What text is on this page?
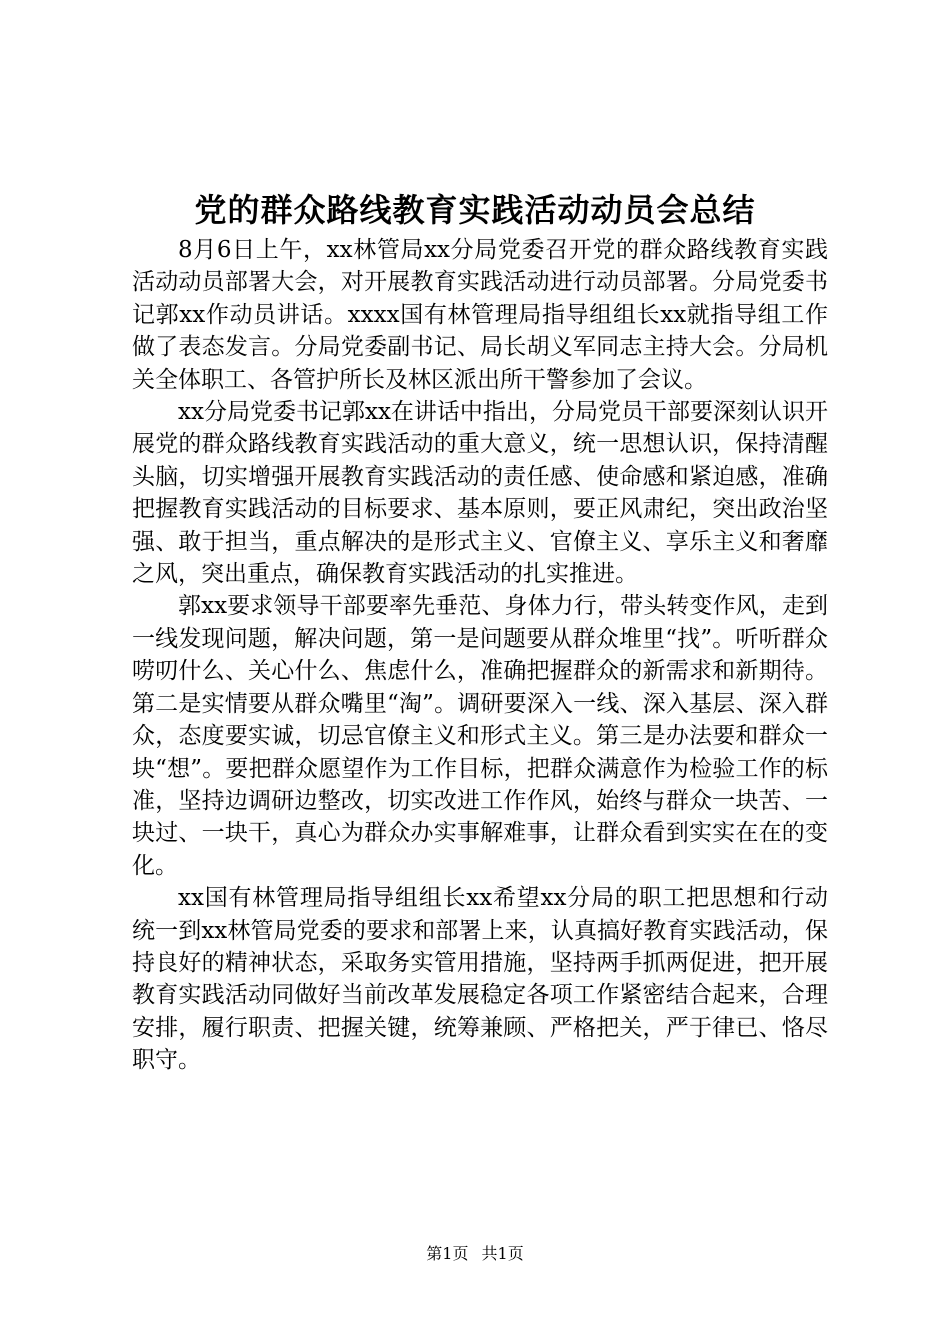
党的群众路线教育实践活动动员会总结

8月6日上午，xx林管局xx分局党委召开党的群众路线教育实践活动动员部署大会，对开展教育实践活动进行动员部署。分局党委书记郭xx作动员讲话。xxxx国有林管理局指导组组长xx就指导组工作做了表态发言。分局党委副书记、局长胡义军同志主持大会。分局机关全体职工、各管护所长及林区派出所干警参加了会议。

xx分局党委书记郭xx在讲话中指出，分局党员干部要深刻认识开展党的群众路线教育实践活动的重大意义，统一思想认识，保持清醒头脑，切实增强开展教育实践活动的责任感、使命感和紧迫感，准确把握教育实践活动的目标要求、基本原则，要正风肃纪，突出政治坚强、敢于担当，重点解决的是形式主义、官僚主义、享乐主义和奢靡之风，突出重点，确保教育实践活动的扎实推进。

郭xx要求领导干部要率先垂范、身体力行，带头转变作风，走到一线发现问题，解决问题，第一是问题要从群众堆里“找”。听听群众唠叨什么、关心什么、焦虑什么，准确把握群众的新需求和新期待。第二是实情要从群众嘴里“淘”。调研要深入一线、深入基层、深入群众，态度要实诚，切忌官僚主义和形式主义。第三是办法要和群众一块“想”。要把群众愿望作为工作目标，把群众满意作为检验工作的标准，坚持边调研边整改，切实改进工作作风，始终与群众一块苦、一块过、一块干，真心为群众办实事解难事，让群众看到实实在在的变化。

xx国有林管理局指导组组长xx希望xx分局的职工把思想和行动统一到xx林管局党委的要求和部署上来，认真搞好教育实践活动，保持良好的精神状态，采取务实管用措施，坚持两手抓两促进，把开展教育实践活动同做好当前改革发展稳定各项工作紧密结合起来，合理安排，履行职责、把握关键，统筹兼顾、严格把关，严于律已、恪尽职守。

第1页 共1页
